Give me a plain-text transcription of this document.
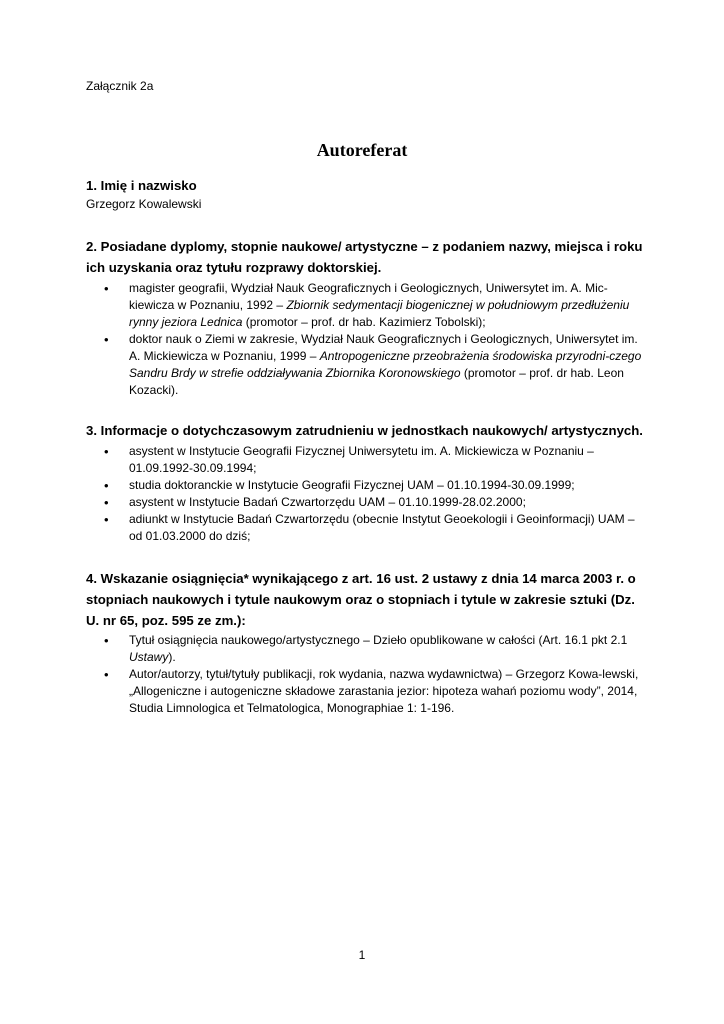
Załącznik 2a
Autoreferat
1. Imię i nazwisko
Grzegorz Kowalewski
2. Posiadane dyplomy, stopnie naukowe/ artystyczne – z podaniem nazwy, miejsca i roku ich uzyskania oraz tytułu rozprawy doktorskiej.
• magister geografii, Wydział Nauk Geograficznych i Geologicznych, Uniwersytet im. A. Mic-kiewicza w Poznaniu, 1992 – Zbiornik sedymentacji biogenicznej w południowym przedłużeniu rynny jeziora Lednica (promotor – prof. dr hab. Kazimierz Tobolski);
• doktor nauk o Ziemi w zakresie, Wydział Nauk Geograficznych i Geologicznych, Uniwersytet im. A. Mickiewicza w Poznaniu, 1999 – Antropogeniczne przeobrażenia środowiska przyrodni-czego Sandru Brdy w strefie oddziaływania Zbiornika Koronowskiego (promotor – prof. dr hab. Leon Kozacki).
3. Informacje o dotychczasowym zatrudnieniu w jednostkach naukowych/ artystycznych.
• asystent w Instytucie Geografii Fizycznej Uniwersytetu im. A. Mickiewicza w Poznaniu – 01.09.1992-30.09.1994;
• studia doktoranckie w Instytucie Geografii Fizycznej UAM – 01.10.1994-30.09.1999;
• asystent w Instytucie Badań Czwartorzędu UAM – 01.10.1999-28.02.2000;
• adiunkt w Instytucie Badań Czwartorzędu (obecnie Instytut Geoekologii i Geoinformacji) UAM – od 01.03.2000 do dziś;
4. Wskazanie osiągnięcia* wynikającego z art. 16 ust. 2 ustawy z dnia 14 marca 2003 r. o stopniach naukowych i tytule naukowym oraz o stopniach i tytule w zakresie sztuki (Dz. U. nr 65, poz. 595 ze zm.):
• Tytuł osiągnięcia naukowego/artystycznego – Dzieło opublikowane w całości (Art. 16.1 pkt 2.1 Ustawy).
• Autor/autorzy, tytuł/tytuły publikacji, rok wydania, nazwa wydawnictwa) – Grzegorz Kowa-lewski, „Allogeniczne i autogeniczne składowe zarastania jezior: hipoteza wahań poziomu wody”, 2014, Studia Limnologica et Telmatologica, Monographiae 1: 1-196.
1
